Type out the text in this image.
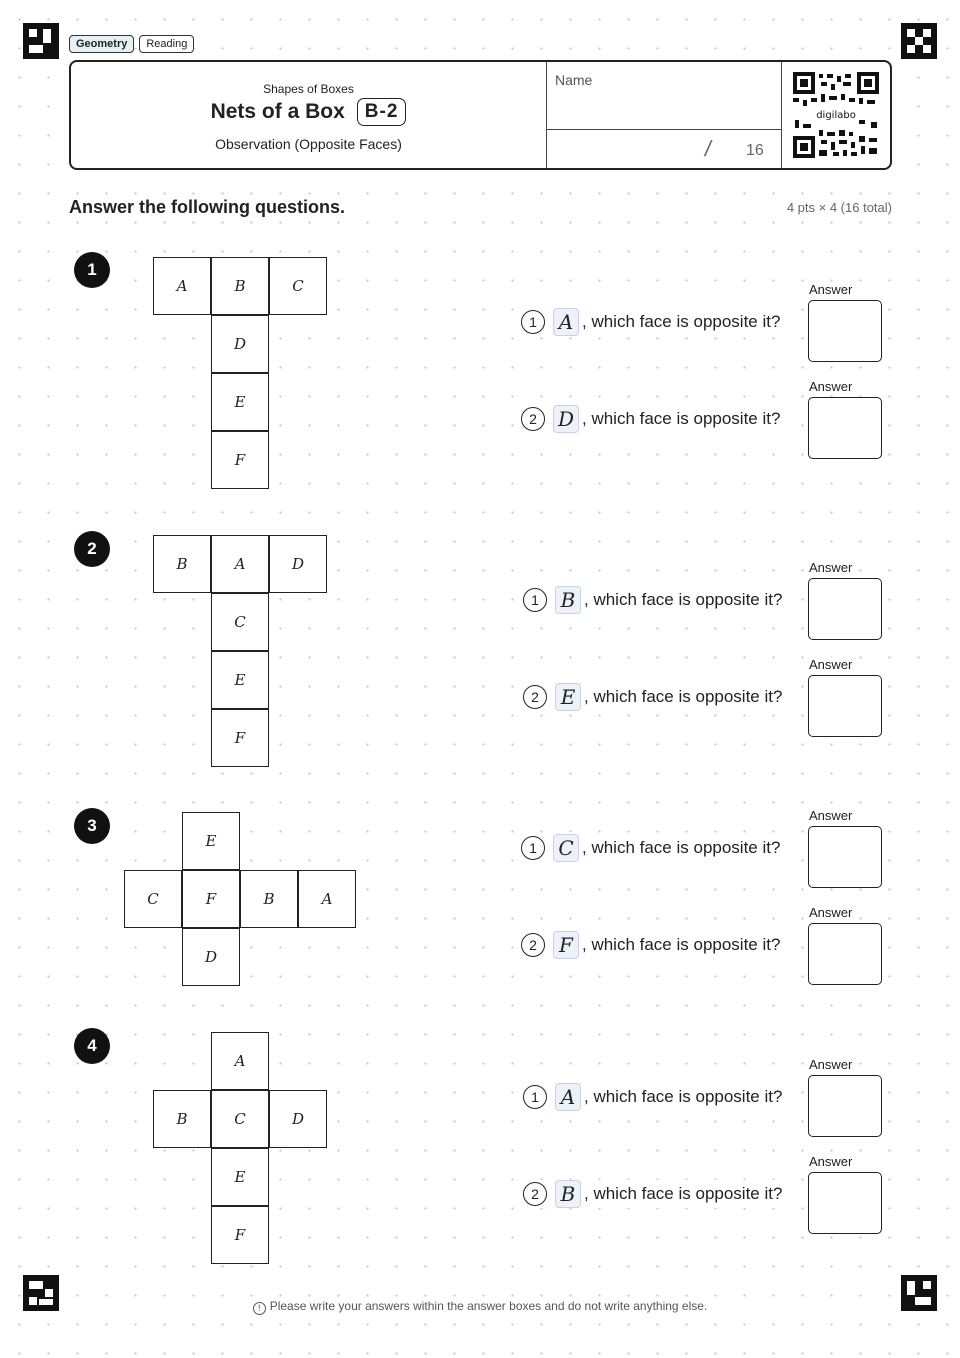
Geometry	Reading
Shapes of Boxes
Nets of a Box	B-2
Observation (Opposite Faces)
Name
/ 16
digilabo
Answer the following questions.	4 pts × 4 (16 total)
1
A	B	C
D
E
F
1	A , which face is opposite it?
Answer
2	D , which face is opposite it?
Answer
2
B	A	D
C
E
F
1	B , which face is opposite it?
Answer
2	E , which face is opposite it?
Answer
3
E
C	F	B	A
D
1	C , which face is opposite it?
Answer
2	F , which face is opposite it?
Answer
4
A
B	C	D
E
F
1	A , which face is opposite it?
Answer
2	B , which face is opposite it?
Answer
! Please write your answers within the answer boxes and do not write anything else.
